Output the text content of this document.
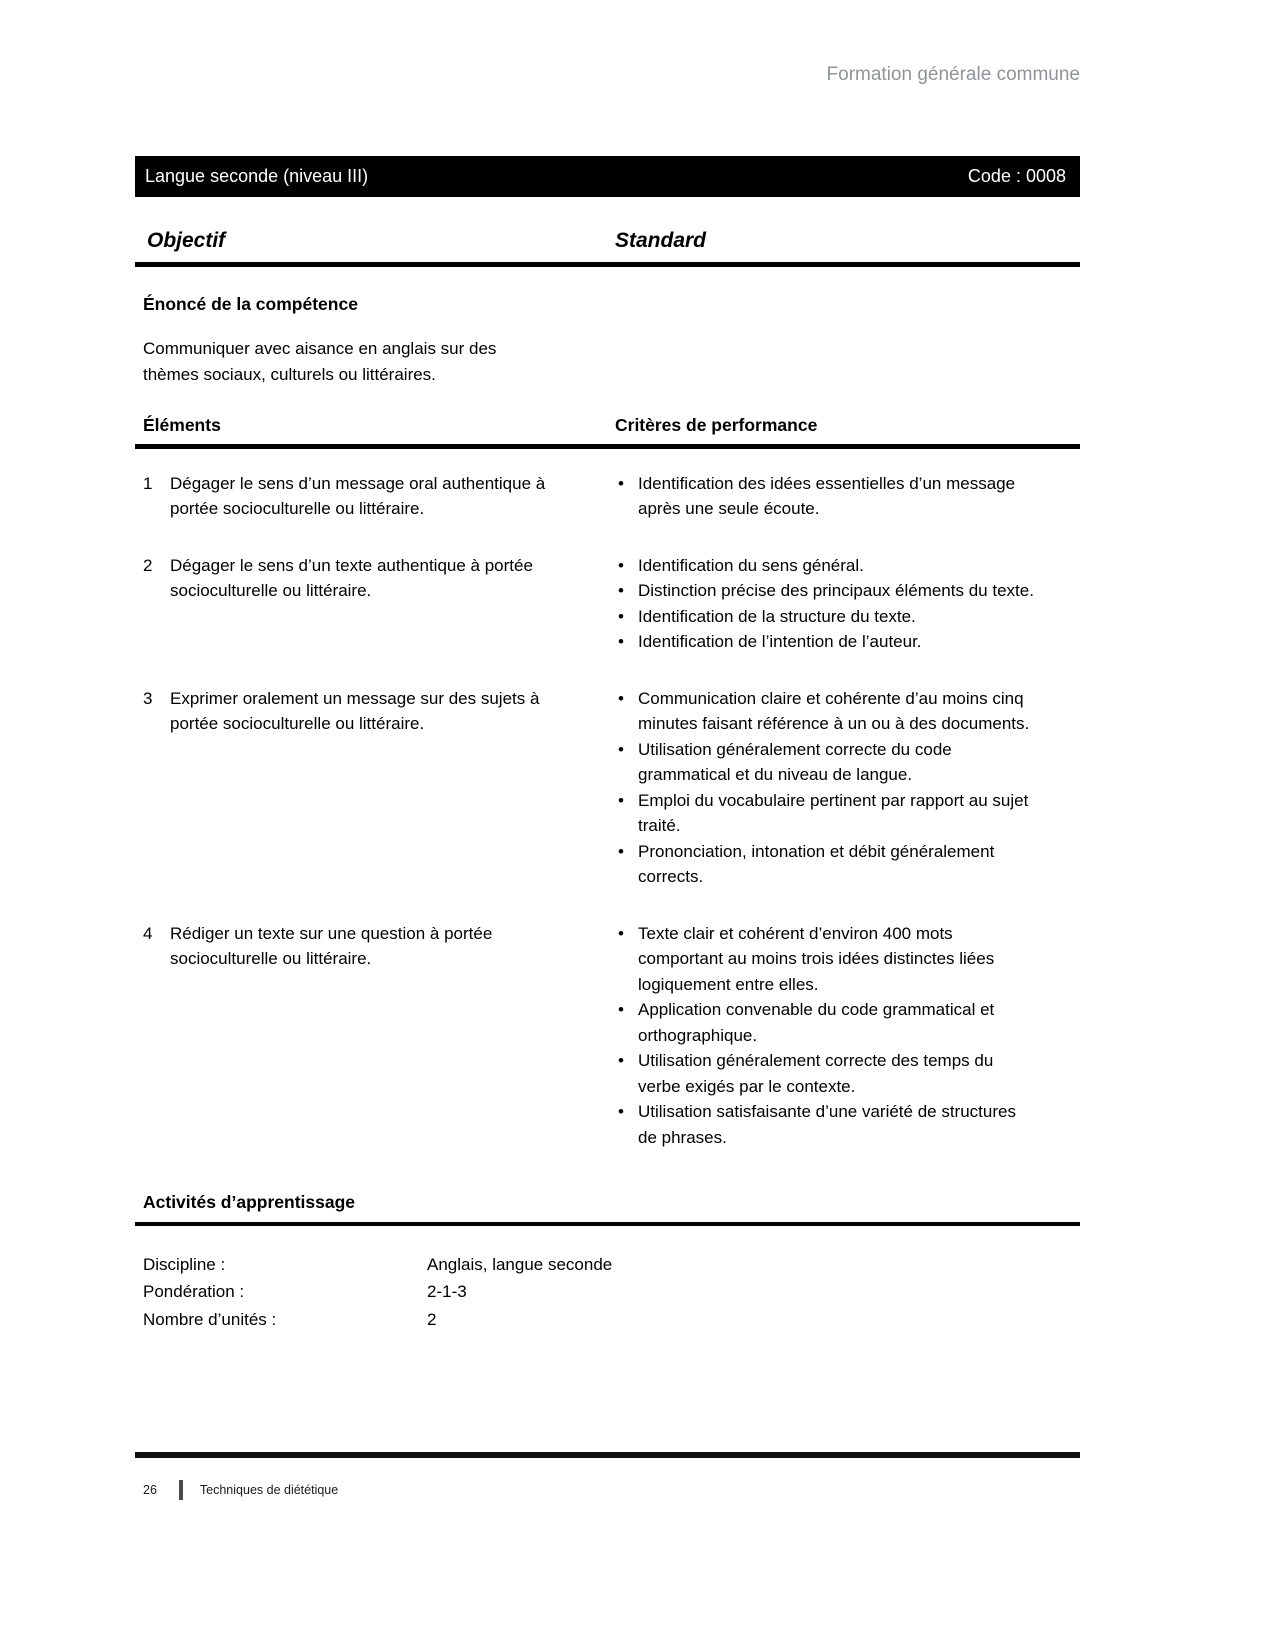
Formation générale commune
Langue seconde (niveau III)	Code : 0008
Objectif	Standard
Énoncé de la compétence

Communiquer avec aisance en anglais sur des thèmes sociaux, culturels ou littéraires.

Éléments	Critères de performance
1	Dégager le sens d’un message oral authentique à portée socioculturelle ou littéraire.

• Identification des idées essentielles d’un message après une seule écoute.
2	Dégager le sens d’un texte authentique à portée socioculturelle ou littéraire.

• Identification du sens général.
• Distinction précise des principaux éléments du texte.
• Identification de la structure du texte.
• Identification de l’intention de l’auteur.
3	Exprimer oralement un message sur des sujets à portée socioculturelle ou littéraire.

• Communication claire et cohérente d’au moins cinq minutes faisant référence à un ou à des documents.
• Utilisation généralement correcte du code grammatical et du niveau de langue.
• Emploi du vocabulaire pertinent par rapport au sujet traité.
• Prononciation, intonation et débit généralement corrects.
4	Rédiger un texte sur une question à portée socioculturelle ou littéraire.

• Texte clair et cohérent d’environ 400 mots comportant au moins trois idées distinctes liées logiquement entre elles.
• Application convenable du code grammatical et orthographique.
• Utilisation généralement correcte des temps du verbe exigés par le contexte.
• Utilisation satisfaisante d’une variété de structures de phrases.
Activités d’apprentissage
Discipline :	Anglais, langue seconde
Pondération :	2-1-3
Nombre d’unités :	2
26	Techniques de diététique
